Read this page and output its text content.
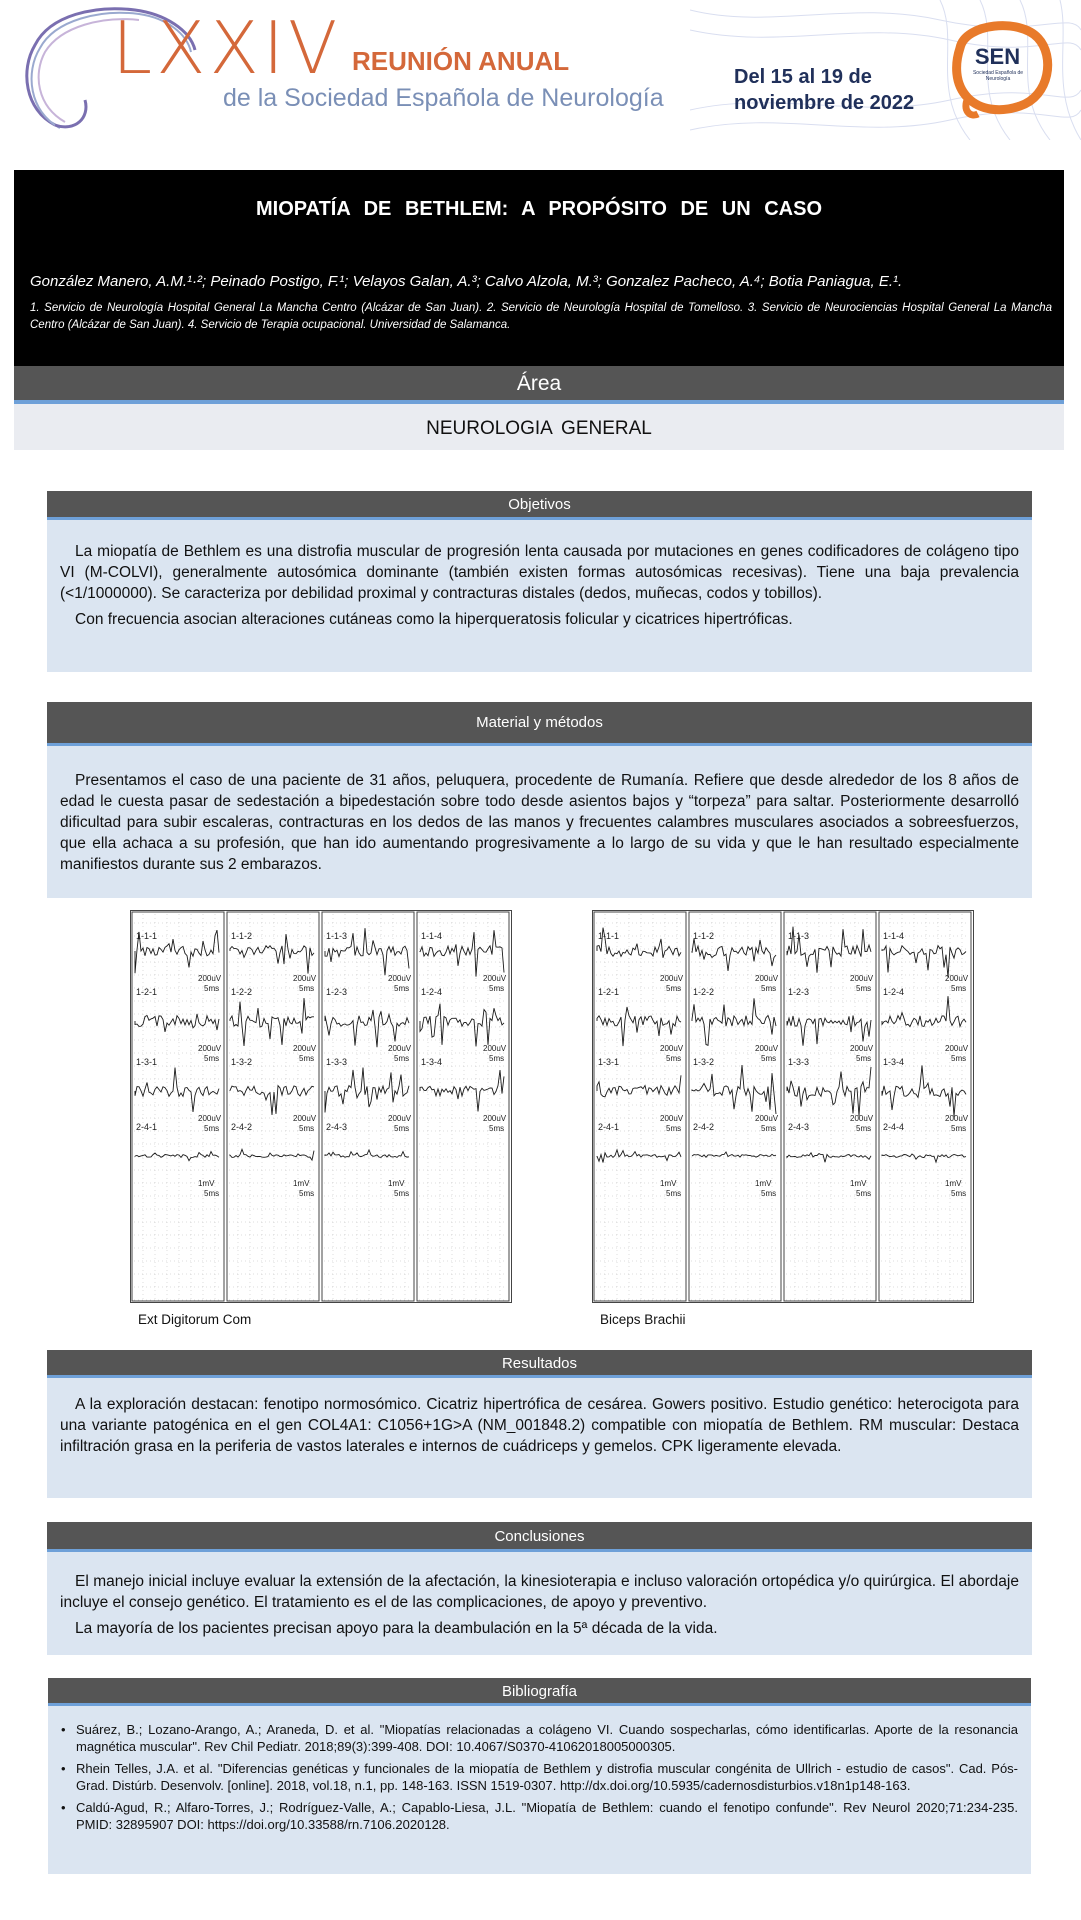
LXXIV REUNIÓN ANUAL
de la Sociedad Española de Neurología
Del 15 al 19 de
noviembre de 2022
SEN
Sociedad Española de Neurología
MIOPATÍA DE BETHLEM: A PROPÓSITO DE UN CASO
González Manero, A.M.¹·²; Peinado Postigo, F.¹; Velayos Galan, A.³; Calvo Alzola, M.³; Gonzalez Pacheco, A.⁴; Botia Paniagua, E.¹.
1. Servicio de Neurología Hospital General La Mancha Centro (Alcázar de San Juan). 2. Servicio de Neurología Hospital de Tomelloso. 3. Servicio de Neurociencias Hospital General La Mancha Centro (Alcázar de San Juan). 4. Servicio de Terapia ocupacional. Universidad de Salamanca.
Área
NEUROLOGIA GENERAL
Objetivos

La miopatía de Bethlem es una distrofia muscular de progresión lenta causada por mutaciones en genes codificadores de colágeno tipo VI (M-COLVI), generalmente autosómica dominante (también existen formas autosómicas recesivas). Tiene una baja prevalencia (<1/1000000). Se caracteriza por debilidad proximal y contracturas distales (dedos, muñecas, codos y tobillos).

Con frecuencia asocian alteraciones cutáneas como la hiperqueratosis folicular y cicatrices hipertróficas.

Material y métodos

Presentamos el caso de una paciente de 31 años, peluquera, procedente de Rumanía. Refiere que desde alrededor de los 8 años de edad le cuesta pasar de sedestación a bipedestación sobre todo desde asientos bajos y “torpeza” para saltar. Posteriormente desarrolló dificultad para subir escaleras, contracturas en los dedos de las manos y frecuentes calambres musculares asociados a sobreesfuerzos, que ella achaca a su profesión, que han ido aumentando progresivamente a lo largo de su vida y que le han resultado especialmente manifiestos durante sus 2 embarazos.

1-1-1
200uV
5ms
1-2-1
200uV
5ms
1-3-1
200uV
5ms
2-4-1
1mV
5ms
1-1-2
200uV
5ms
1-2-2
200uV
5ms
1-3-2
200uV
5ms
2-4-2
1mV
5ms
1-1-3
200uV
5ms
1-2-3
200uV
5ms
1-3-3
200uV
5ms
2-4-3
1mV
5ms
1-1-4
200uV
5ms
1-2-4
200uV
5ms
1-3-4
200uV
5ms
Ext Digitorum Com
1-1-1
200uV
5ms
1-2-1
200uV
5ms
1-3-1
200uV
5ms
2-4-1
1mV
5ms
1-1-2
200uV
5ms
1-2-2
200uV
5ms
1-3-2
200uV
5ms
2-4-2
1mV
5ms
1-1-3
200uV
5ms
1-2-3
200uV
5ms
1-3-3
200uV
5ms
2-4-3
1mV
5ms
1-1-4
200uV
5ms
1-2-4
200uV
5ms
1-3-4
200uV
5ms
2-4-4
1mV
5ms
Biceps Brachii
Resultados

A la exploración destacan: fenotipo normosómico. Cicatriz hipertrófica de cesárea. Gowers positivo. Estudio genético: heterocigota para una variante patogénica en el gen COL4A1: C1056+1G>A (NM_001848.2) compatible con miopatía de Bethlem. RM muscular: Destaca infiltración grasa en la periferia de vastos laterales e internos de cuádriceps y gemelos. CPK ligeramente elevada.

Conclusiones

El manejo inicial incluye evaluar la extensión de la afectación, la kinesioterapia e incluso valoración ortopédica y/o quirúrgica. El abordaje incluye el consejo genético. El tratamiento es el de las complicaciones, de apoyo y preventivo.

La mayoría de los pacientes precisan apoyo para la deambulación en la 5ª década de la vida.

Bibliografía
• Suárez, B.; Lozano-Arango, A.; Araneda, D. et al. "Miopatías relacionadas a colágeno VI. Cuando sospecharlas, cómo identificarlas. Aporte de la resonancia magnética muscular". Rev Chil Pediatr. 2018;89(3):399-408. DOI: 10.4067/S0370-41062018005000305.
• Rhein Telles, J.A. et al. "Diferencias genéticas y funcionales de la miopatía de Bethlem y distrofia muscular congénita de Ullrich - estudio de casos". Cad. Pós-Grad. Distúrb. Desenvolv. [online]. 2018, vol.18, n.1, pp. 148-163. ISSN 1519-0307. http://dx.doi.org/10.5935/cadernosdisturbios.v18n1p148-163.
• Caldú-Agud, R.; Alfaro-Torres, J.; Rodríguez-Valle, A.; Capablo-Liesa, J.L. "Miopatía de Bethlem: cuando el fenotipo confunde". Rev Neurol 2020;71:234-235. PMID: 32895907 DOI: https://doi.org/10.33588/rn.7106.2020128.
